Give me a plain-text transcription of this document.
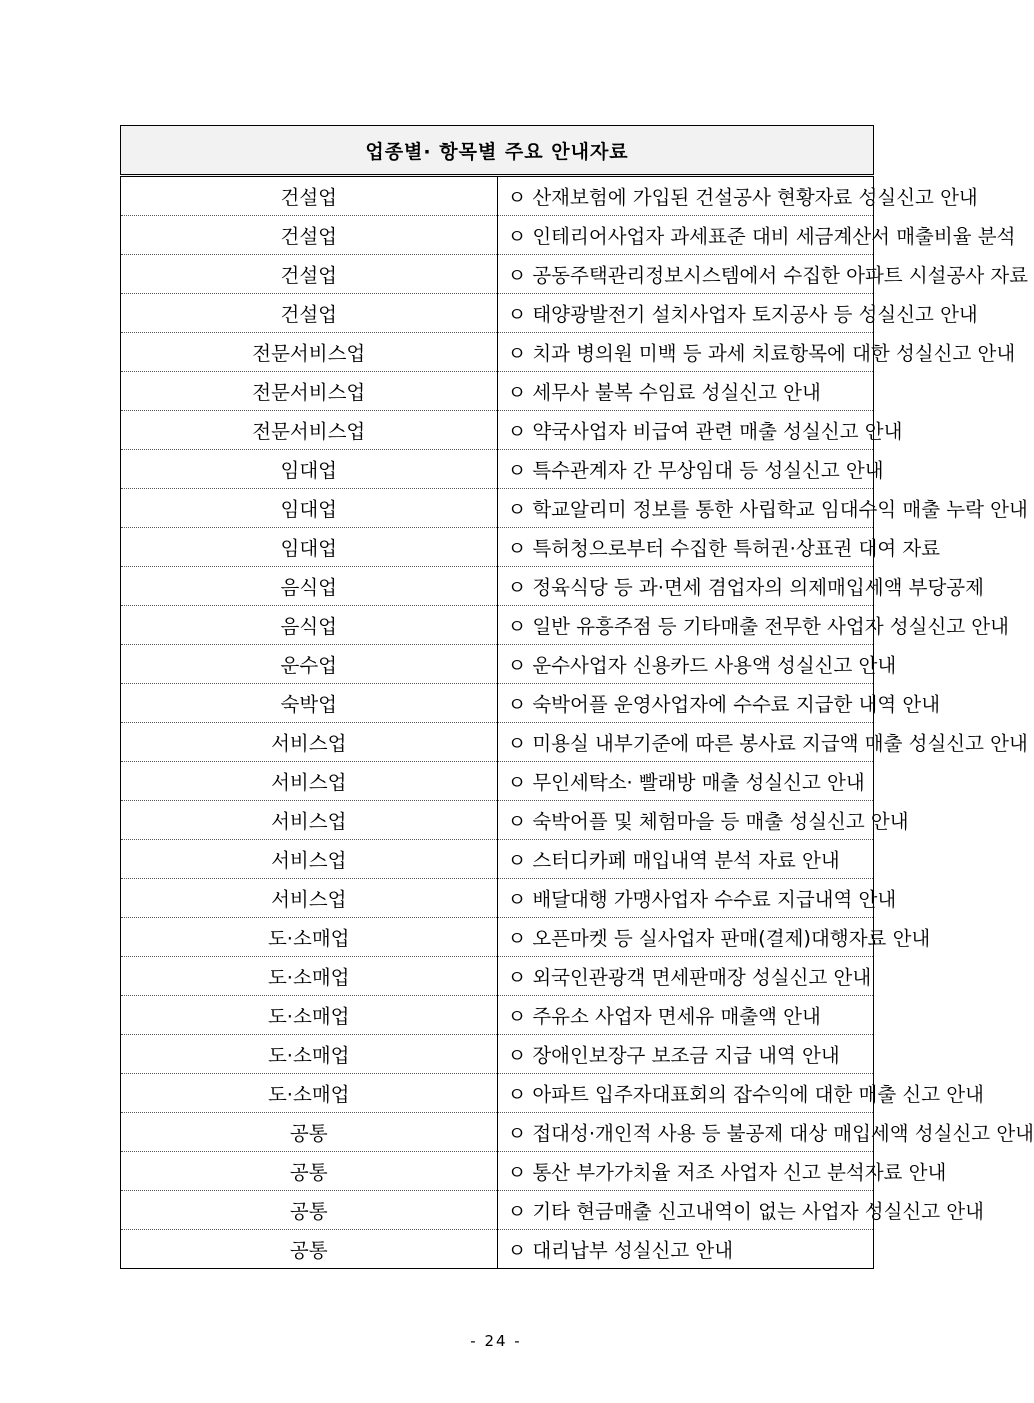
업종별· 항목별 주요 안내자료	
건설업	ㅇ 산재보험에 가입된 건설공사 현황자료 성실신고 안내
건설업	ㅇ 인테리어사업자 과세표준 대비 세금계산서 매출비율 분석
건설업	ㅇ 공동주택관리정보시스템에서 수집한 아파트 시설공사 자료
건설업	ㅇ 태양광발전기 설치사업자 토지공사 등 성실신고 안내
전문서비스업	ㅇ 치과 병의원 미백 등 과세 치료항목에 대한 성실신고 안내
전문서비스업	ㅇ 세무사 불복 수임료 성실신고 안내
전문서비스업	ㅇ 약국사업자 비급여 관련 매출 성실신고 안내
임대업	ㅇ 특수관계자 간 무상임대 등 성실신고 안내
임대업	ㅇ 학교알리미 정보를 통한 사립학교 임대수익 매출 누락 안내
임대업	ㅇ 특허청으로부터 수집한 특허권·상표권 대여 자료
음식업	ㅇ 정육식당 등 과·면세 겸업자의 의제매입세액 부당공제
음식업	ㅇ 일반 유흥주점 등 기타매출 전무한 사업자 성실신고 안내
운수업	ㅇ 운수사업자 신용카드 사용액 성실신고 안내
숙박업	ㅇ 숙박어플 운영사업자에 수수료 지급한 내역 안내
서비스업	ㅇ 미용실 내부기준에 따른 봉사료 지급액 매출 성실신고 안내
서비스업	ㅇ 무인세탁소· 빨래방 매출 성실신고 안내
서비스업	ㅇ 숙박어플 및 체험마을 등 매출 성실신고 안내
서비스업	ㅇ 스터디카페 매입내역 분석 자료 안내
서비스업	ㅇ 배달대행 가맹사업자 수수료 지급내역 안내
도·소매업	ㅇ 오픈마켓 등 실사업자 판매(결제)대행자료 안내
도·소매업	ㅇ 외국인관광객 면세판매장 성실신고 안내
도·소매업	ㅇ 주유소 사업자 면세유 매출액 안내
도·소매업	ㅇ 장애인보장구 보조금 지급 내역 안내
도·소매업	ㅇ 아파트 입주자대표회의 잡수익에 대한 매출 신고 안내
공통	ㅇ 접대성·개인적 사용 등 불공제 대상 매입세액 성실신고 안내
공통	ㅇ 통산 부가가치율 저조 사업자 신고 분석자료 안내
공통	ㅇ 기타 현금매출 신고내역이 없는 사업자 성실신고 안내
공통	ㅇ 대리납부 성실신고 안내
- 24 -
